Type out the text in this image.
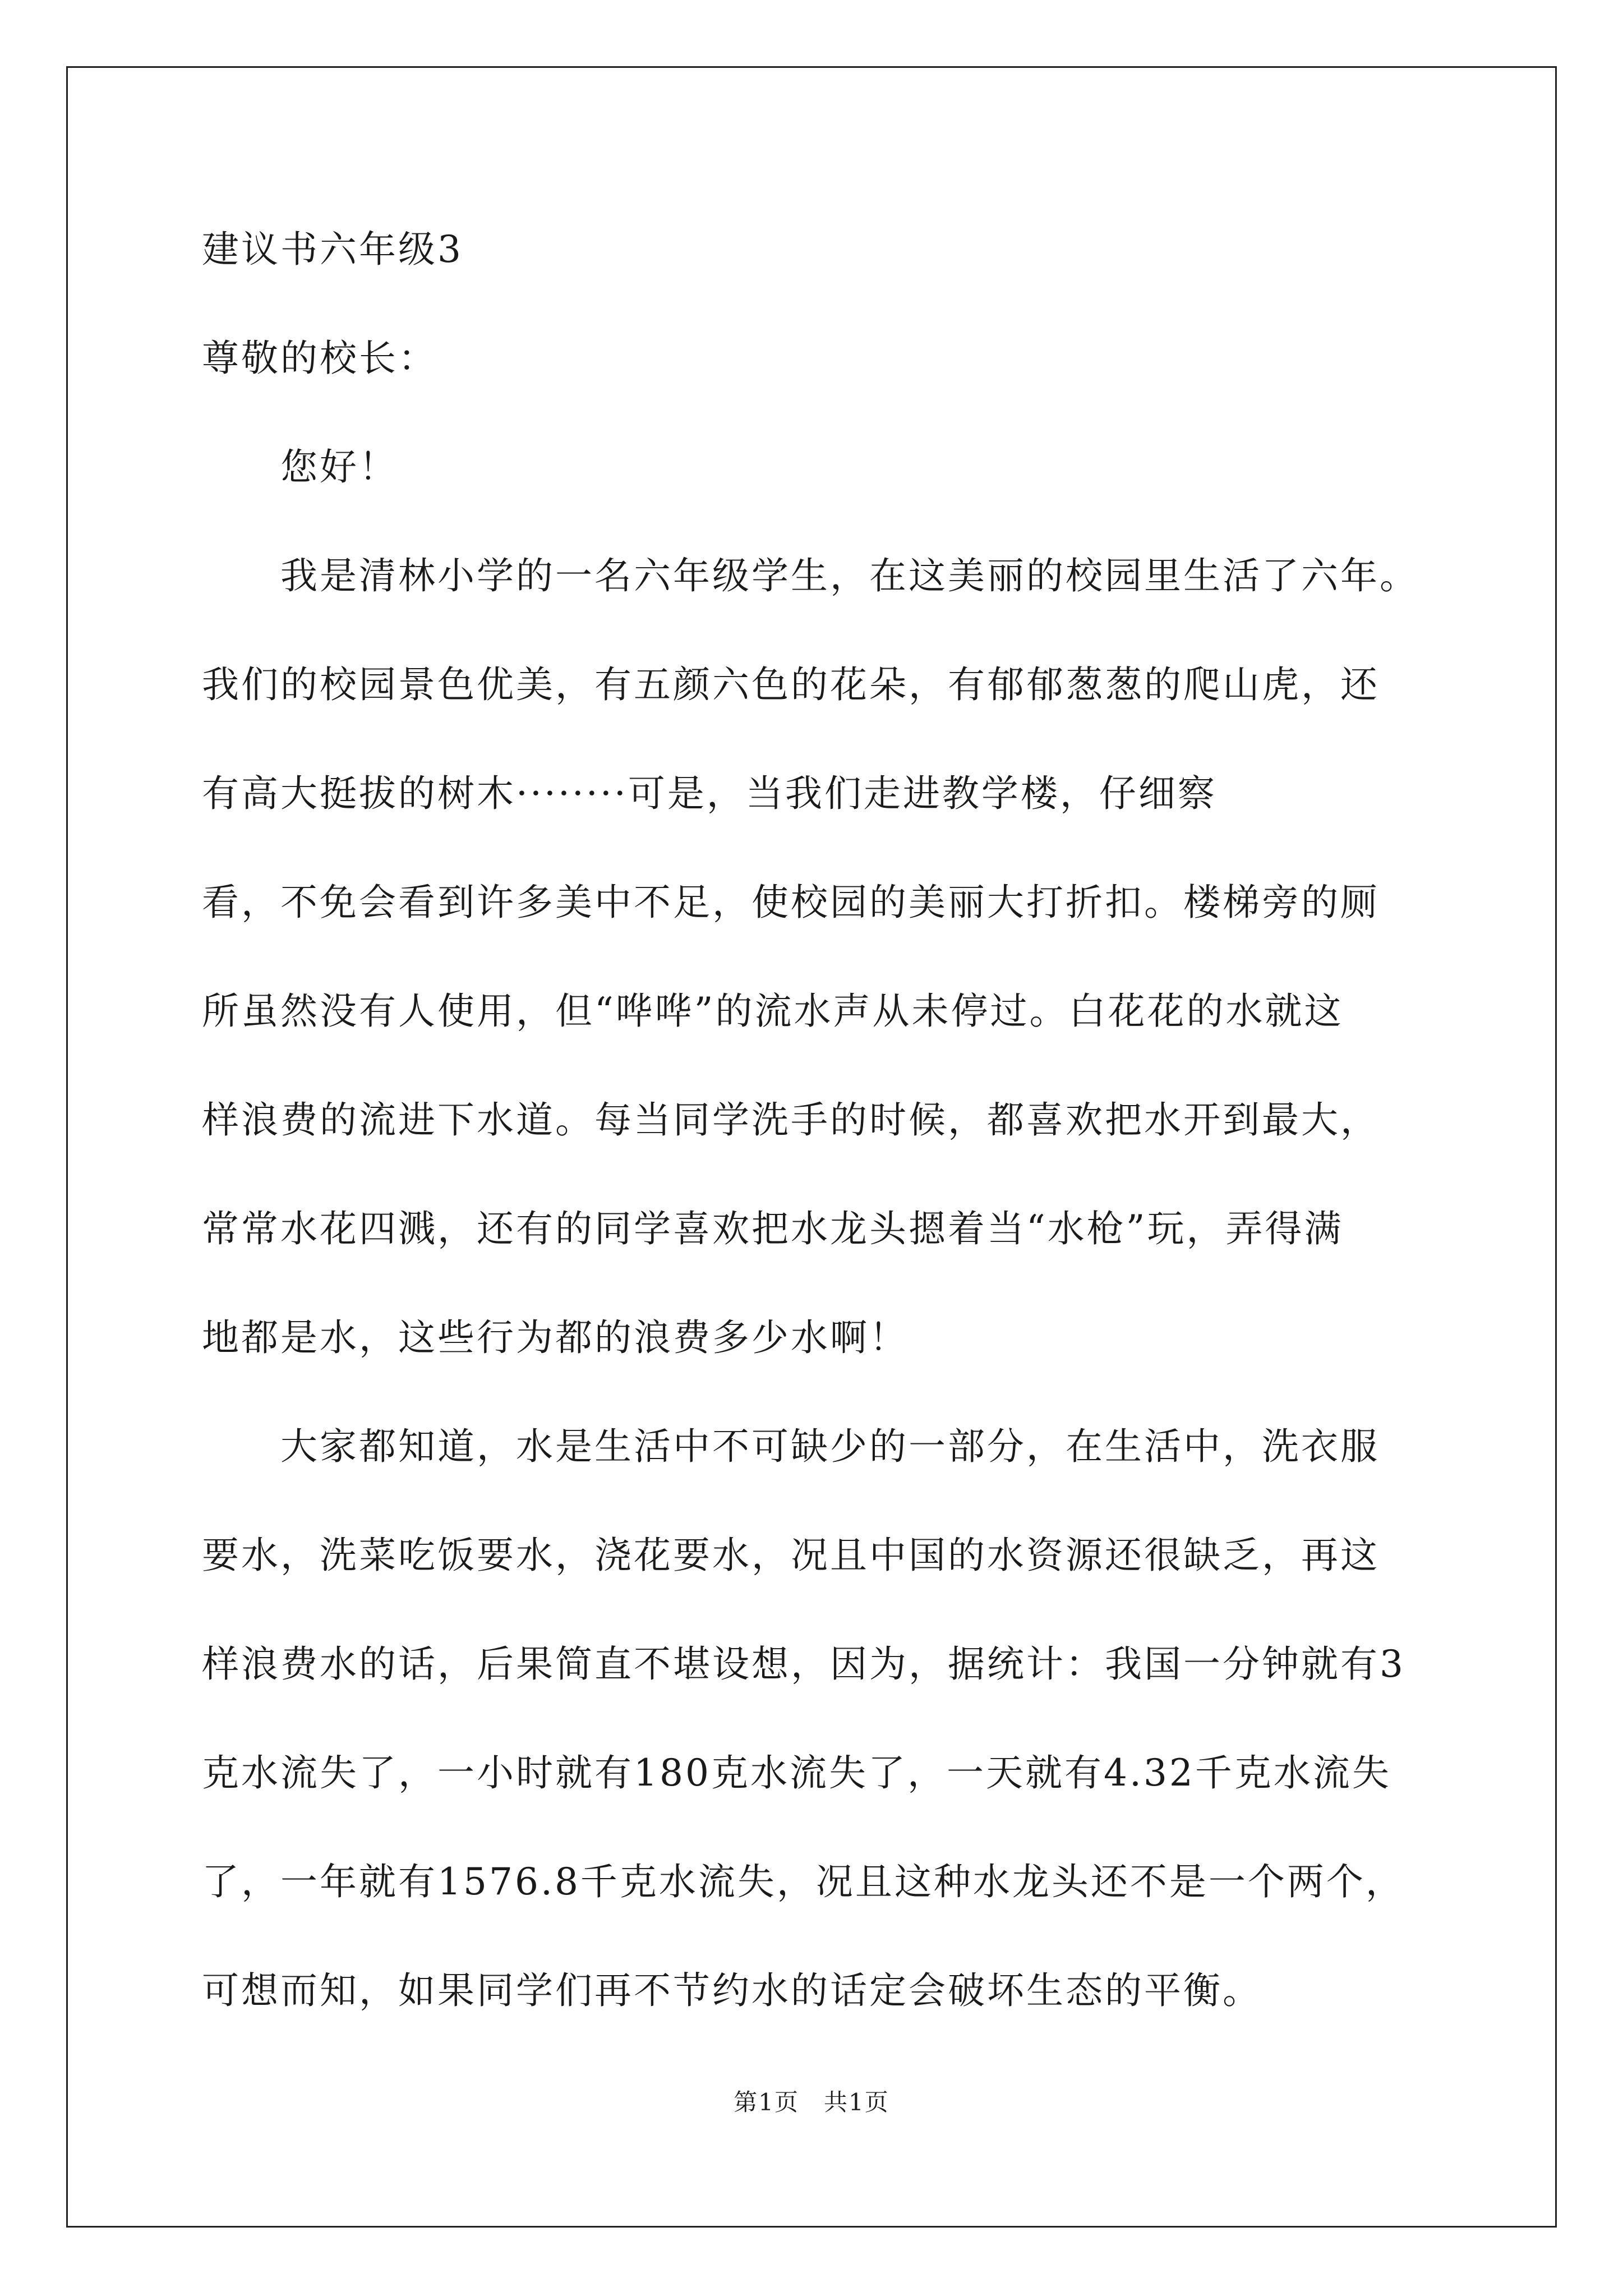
建议书六年级3
尊敬的校长：
您好！
我是清林小学的一名六年级学生，在这美丽的校园里生活了六年。
我们的校园景色优美，有五颜六色的花朵，有郁郁葱葱的爬山虎，还
有高大挺拔的树木········可是，当我们走进教学楼，仔细察
看，不免会看到许多美中不足，使校园的美丽大打折扣。楼梯旁的厕
所虽然没有人使用，但“哗哗”的流水声从未停过。白花花的水就这
样浪费的流进下水道。每当同学洗手的时候，都喜欢把水开到最大，
常常水花四溅，还有的同学喜欢把水龙头摁着当“水枪”玩，弄得满
地都是水，这些行为都的浪费多少水啊！
大家都知道，水是生活中不可缺少的一部分，在生活中，洗衣服
要水，洗菜吃饭要水，浇花要水，况且中国的水资源还很缺乏，再这
样浪费水的话，后果简直不堪设想，因为，据统计：我国一分钟就有3
克水流失了，一小时就有180克水流失了，一天就有4.32千克水流失
了，一年就有1576.8千克水流失，况且这种水龙头还不是一个两个，
可想而知，如果同学们再不节约水的话定会破坏生态的平衡。
第1页　共1页
